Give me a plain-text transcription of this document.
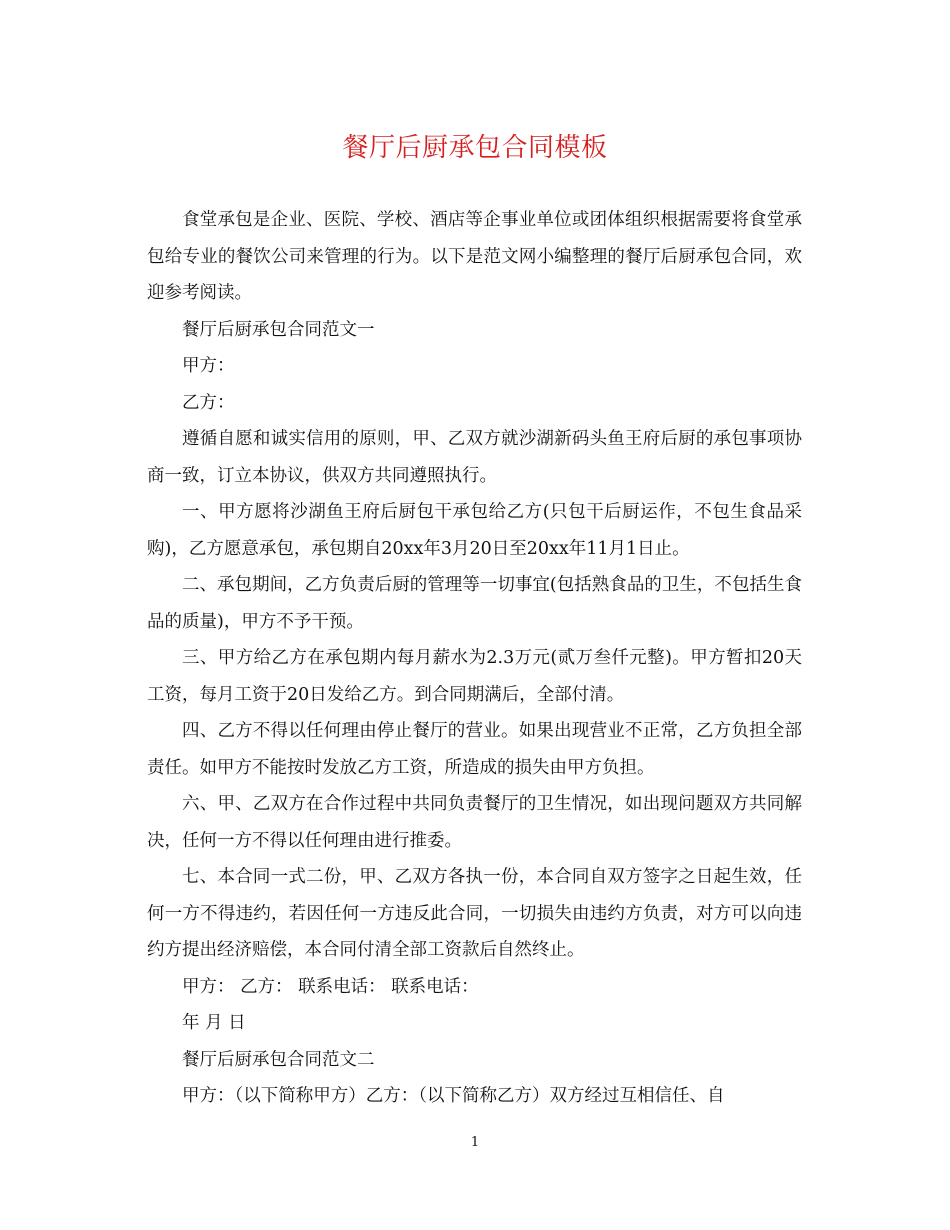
餐厅后厨承包合同模板

食堂承包是企业、医院、学校、酒店等企事业单位或团体组织根据需要将食堂承包给专业的餐饮公司来管理的行为。以下是范文网小编整理的餐厅后厨承包合同，欢迎参考阅读。

餐厅后厨承包合同范文一

甲方：

乙方：

遵循自愿和诚实信用的原则，甲、乙双方就沙湖新码头鱼王府后厨的承包事项协商一致，订立本协议，供双方共同遵照执行。

一、甲方愿将沙湖鱼王府后厨包干承包给乙方(只包干后厨运作，不包生食品采购)，乙方愿意承包，承包期自20xx年3月20日至20xx年11月1日止。

二、承包期间，乙方负责后厨的管理等一切事宜(包括熟食品的卫生，不包括生食品的质量)，甲方不予干预。

三、甲方给乙方在承包期内每月薪水为2.3万元(贰万叁仟元整)。甲方暂扣20天工资，每月工资于20日发给乙方。到合同期满后，全部付清。

四、乙方不得以任何理由停止餐厅的营业。如果出现营业不正常，乙方负担全部责任。如甲方不能按时发放乙方工资，所造成的损失由甲方负担。

六、甲、乙双方在合作过程中共同负责餐厅的卫生情况，如出现问题双方共同解决，任何一方不得以任何理由进行推委。

七、本合同一式二份，甲、乙双方各执一份，本合同自双方签字之日起生效，任何一方不得违约，若因任何一方违反此合同，一切损失由违约方负责，对方可以向违约方提出经济赔偿，本合同付清全部工资款后自然终止。

甲方： 乙方： 联系电话： 联系电话：

年 月 日

餐厅后厨承包合同范文二

甲方：（以下简称甲方）乙方：（以下简称乙方）双方经过互相信任、自

1
